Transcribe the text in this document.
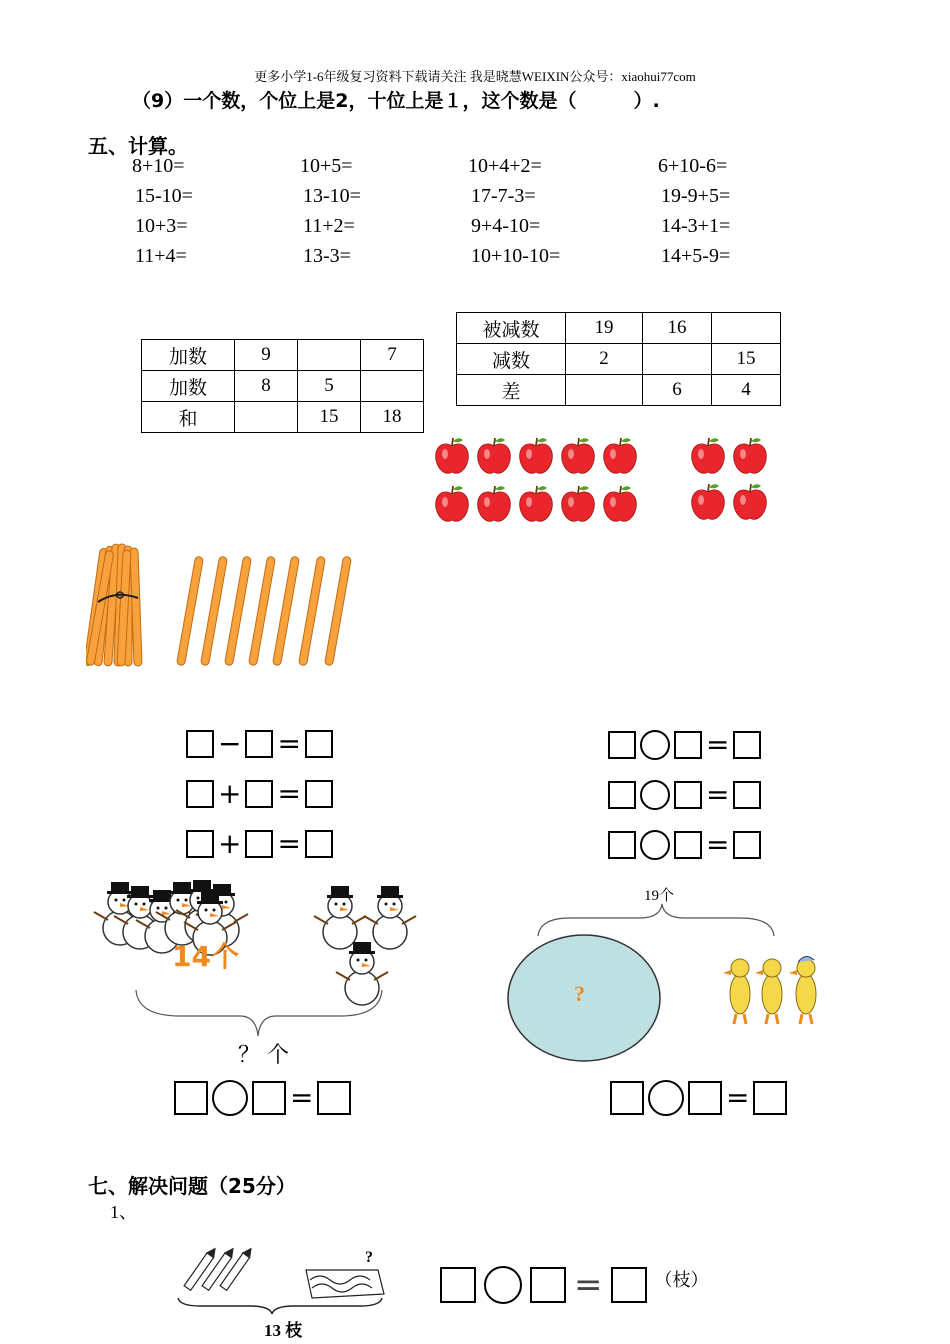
更多小学1-6年级复习资料下载请关注 我是晓慧WEIXIN公众号：xiaohui77com
（9）一个数，个位上是2，十位上是１，这个数是（　　　）.
五、计算。
8+10=	10+5=	10+4+2=	6+10-6=
15-10=	13-10=	17-7-3=	19-9+5=
10+3=	11+2=	9+4-10=	14-3+1=
11+4=	13-3=	10+10-10=	14+5-9=
加数	9		7
加数	8	5	
和		15	18
被减数	19	16	
减数	2		15
差		6	4
− =
+ =
+ =
=
=
=
14个
？ 个
=
19个
?
=
七、解决问题（25分）
1、
?
13 枝
=	（枝）
